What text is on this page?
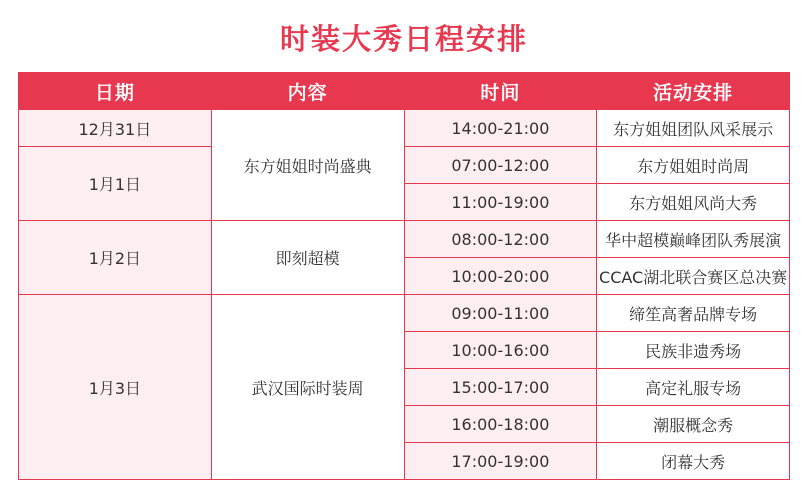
时装大秀日程安排
日期	内容	时间	活动安排
12月31日	东方姐姐时尚盛典	14:00-21:00	东方姐姐团队风采展示
1月1日		07:00-12:00	东方姐姐时尚周
		11:00-19:00	东方姐姐风尚大秀
1月2日	即刻超模	08:00-12:00	华中超模巅峰团队秀展演
		10:00-20:00	CCAC湖北联合赛区总决赛
1月3日	武汉国际时装周	09:00-11:00	缔笙高奢品牌专场
		10:00-16:00	民族非遗秀场
		15:00-17:00	高定礼服专场
		16:00-18:00	潮服概念秀
		17:00-19:00	闭幕大秀
